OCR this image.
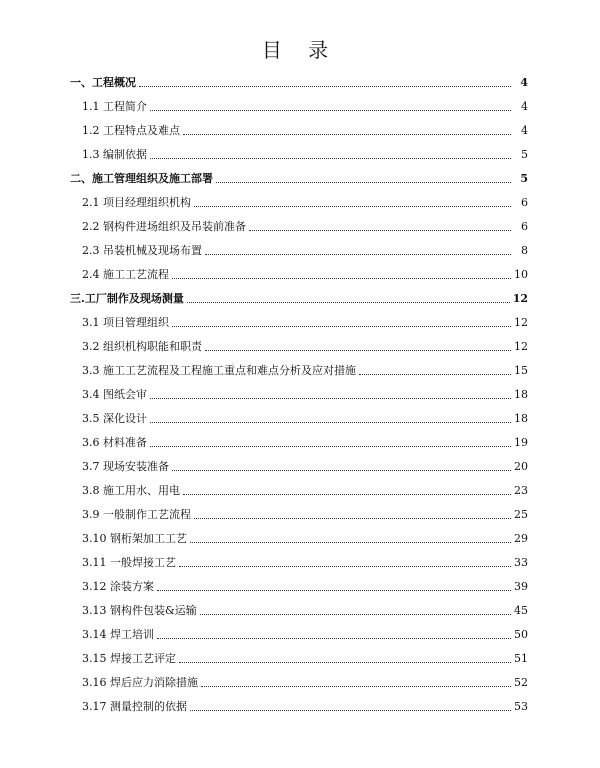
目 录
一、工程概况	4
1.1 工程简介	4
1.2 工程特点及难点	4
1.3 编制依据	5
二、施工管理组织及施工部署	5
2.1 项目经理组织机构	6
2.2 钢构件进场组织及吊装前准备	6
2.3 吊装机械及现场布置	8
2.4 施工工艺流程	10
三.工厂制作及现场测量	12
3.1 项目管理组织	12
3.2 组织机构职能和职责	12
3.3 施工工艺流程及工程施工重点和难点分析及应对措施	15
3.4 图纸会审	18
3.5 深化设计	18
3.6 材料准备	19
3.7 现场安装准备	20
3.8 施工用水、用电	23
3.9 一般制作工艺流程	25
3.10 钢桁架加工工艺	29
3.11 一般焊接工艺	33
3.12 涂装方案	39
3.13 钢构件包装&运输	45
3.14 焊工培训	50
3.15 焊接工艺评定	51
3.16 焊后应力消除措施	52
3.17 测量控制的依据	53
